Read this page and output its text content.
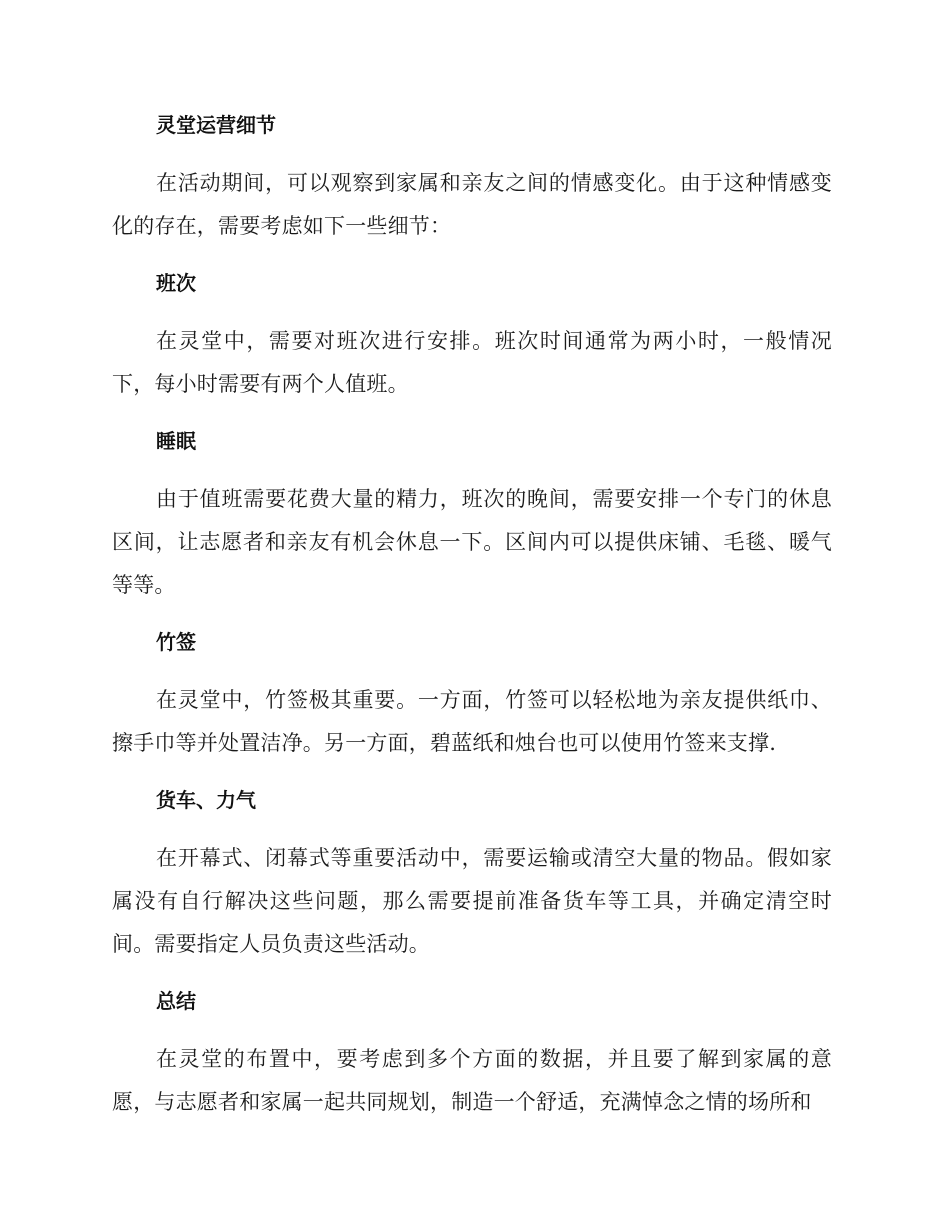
灵堂运营细节

在活动期间，可以观察到家属和亲友之间的情感变化。由于这种情感变化的存在，需要考虑如下一些细节：

班次

在灵堂中，需要对班次进行安排。班次时间通常为两小时，一般情况下，每小时需要有两个人值班。

睡眠

由于值班需要花费大量的精力，班次的晚间，需要安排一个专门的休息区间，让志愿者和亲友有机会休息一下。区间内可以提供床铺、毛毯、暖气等等。

竹签

在灵堂中，竹签极其重要。一方面，竹签可以轻松地为亲友提供纸巾、擦手巾等并处置洁净。另一方面，碧蓝纸和烛台也可以使用竹签来支撑.

货车、力气

在开幕式、闭幕式等重要活动中，需要运输或清空大量的物品。假如家属没有自行解决这些问题，那么需要提前准备货车等工具，并确定清空时间。需要指定人员负责这些活动。

总结

在灵堂的布置中，要考虑到多个方面的数据，并且要了解到家属的意愿，与志愿者和家属一起共同规划，制造一个舒适，充满悼念之情的场所和
